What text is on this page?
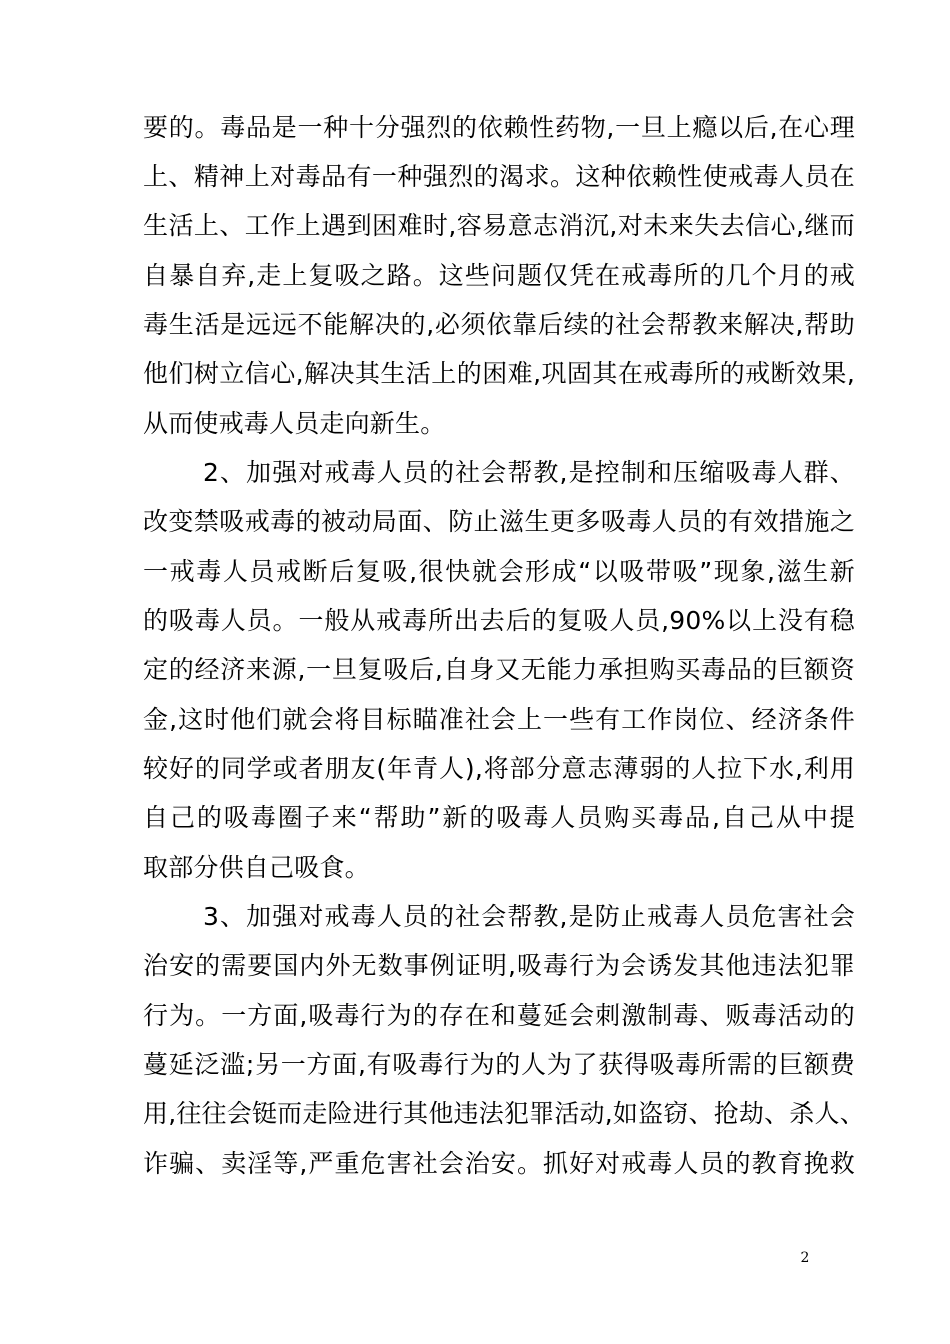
要的。毒品是一种十分强烈的依赖性药物,一旦上瘾以后,在心理
上、精神上对毒品有一种强烈的渴求。这种依赖性使戒毒人员在
生活上、工作上遇到困难时,容易意志消沉,对未来失去信心,继而
自暴自弃,走上复吸之路。这些问题仅凭在戒毒所的几个月的戒
毒生活是远远不能解决的,必须依靠后续的社会帮教来解决,帮助
他们树立信心,解决其生活上的困难,巩固其在戒毒所的戒断效果,
从而使戒毒人员走向新生。
2、加强对戒毒人员的社会帮教,是控制和压缩吸毒人群、
改变禁吸戒毒的被动局面、防止滋生更多吸毒人员的有效措施之
一戒毒人员戒断后复吸,很快就会形成“以吸带吸”现象,滋生新
的吸毒人员。一般从戒毒所出去后的复吸人员,90%以上没有稳
定的经济来源,一旦复吸后,自身又无能力承担购买毒品的巨额资
金,这时他们就会将目标瞄准社会上一些有工作岗位、经济条件
较好的同学或者朋友(年青人),将部分意志薄弱的人拉下水,利用
自己的吸毒圈子来“帮助”新的吸毒人员购买毒品,自己从中提
取部分供自己吸食。
3、加强对戒毒人员的社会帮教,是防止戒毒人员危害社会
治安的需要国内外无数事例证明,吸毒行为会诱发其他违法犯罪
行为。一方面,吸毒行为的存在和蔓延会刺激制毒、贩毒活动的
蔓延泛滥;另一方面,有吸毒行为的人为了获得吸毒所需的巨额费
用,往往会铤而走险进行其他违法犯罪活动,如盗窃、抢劫、杀人、
诈骗、卖淫等,严重危害社会治安。抓好对戒毒人员的教育挽救
2
